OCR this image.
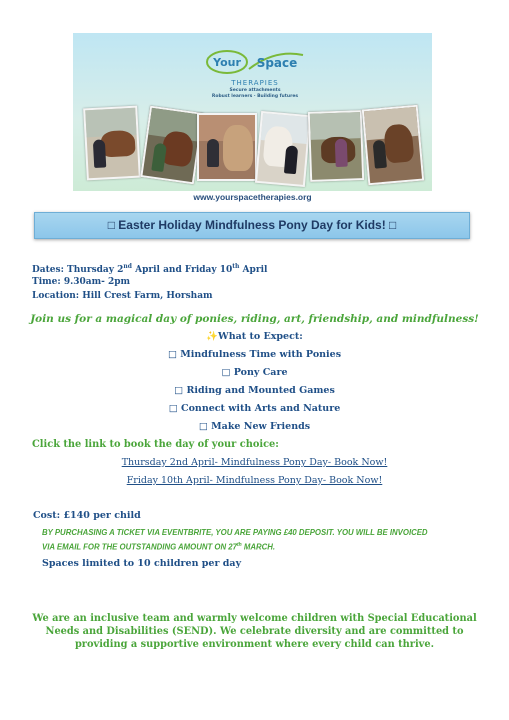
Your Space
THERAPIES
Secure attachments
Robust learners · Building futures
www.yourspacetherapies.org
□ Easter Holiday Mindfulness Pony Day for Kids! □
Dates: Thursday 2nd April and Friday 10th April
Time: 9.30am- 2pm
Location: Hill Crest Farm, Horsham
Join us for a magical day of ponies, riding, art, friendship, and mindfulness!
✨What to Expect:
□ Mindfulness Time with Ponies
□ Pony Care
□ Riding and Mounted Games
□ Connect with Arts and Nature
□ Make New Friends
Click the link to book the day of your choice:
Thursday 2nd April- Mindfulness Pony Day- Book Now!
Friday 10th April- Mindfulness Pony Day- Book Now!
Cost: £140 per child
BY PURCHASING A TICKET VIA EVENTBRITE, YOU ARE PAYING £40 DEPOSIT. YOU WILL BE INVOICED
VIA EMAIL FOR THE OUTSTANDING AMOUNT ON 27th MARCH.
Spaces limited to 10 children per day
We are an inclusive team and warmly welcome children with Special Educational
Needs and Disabilities (SEND). We celebrate diversity and are committed to
providing a supportive environment where every child can thrive.
